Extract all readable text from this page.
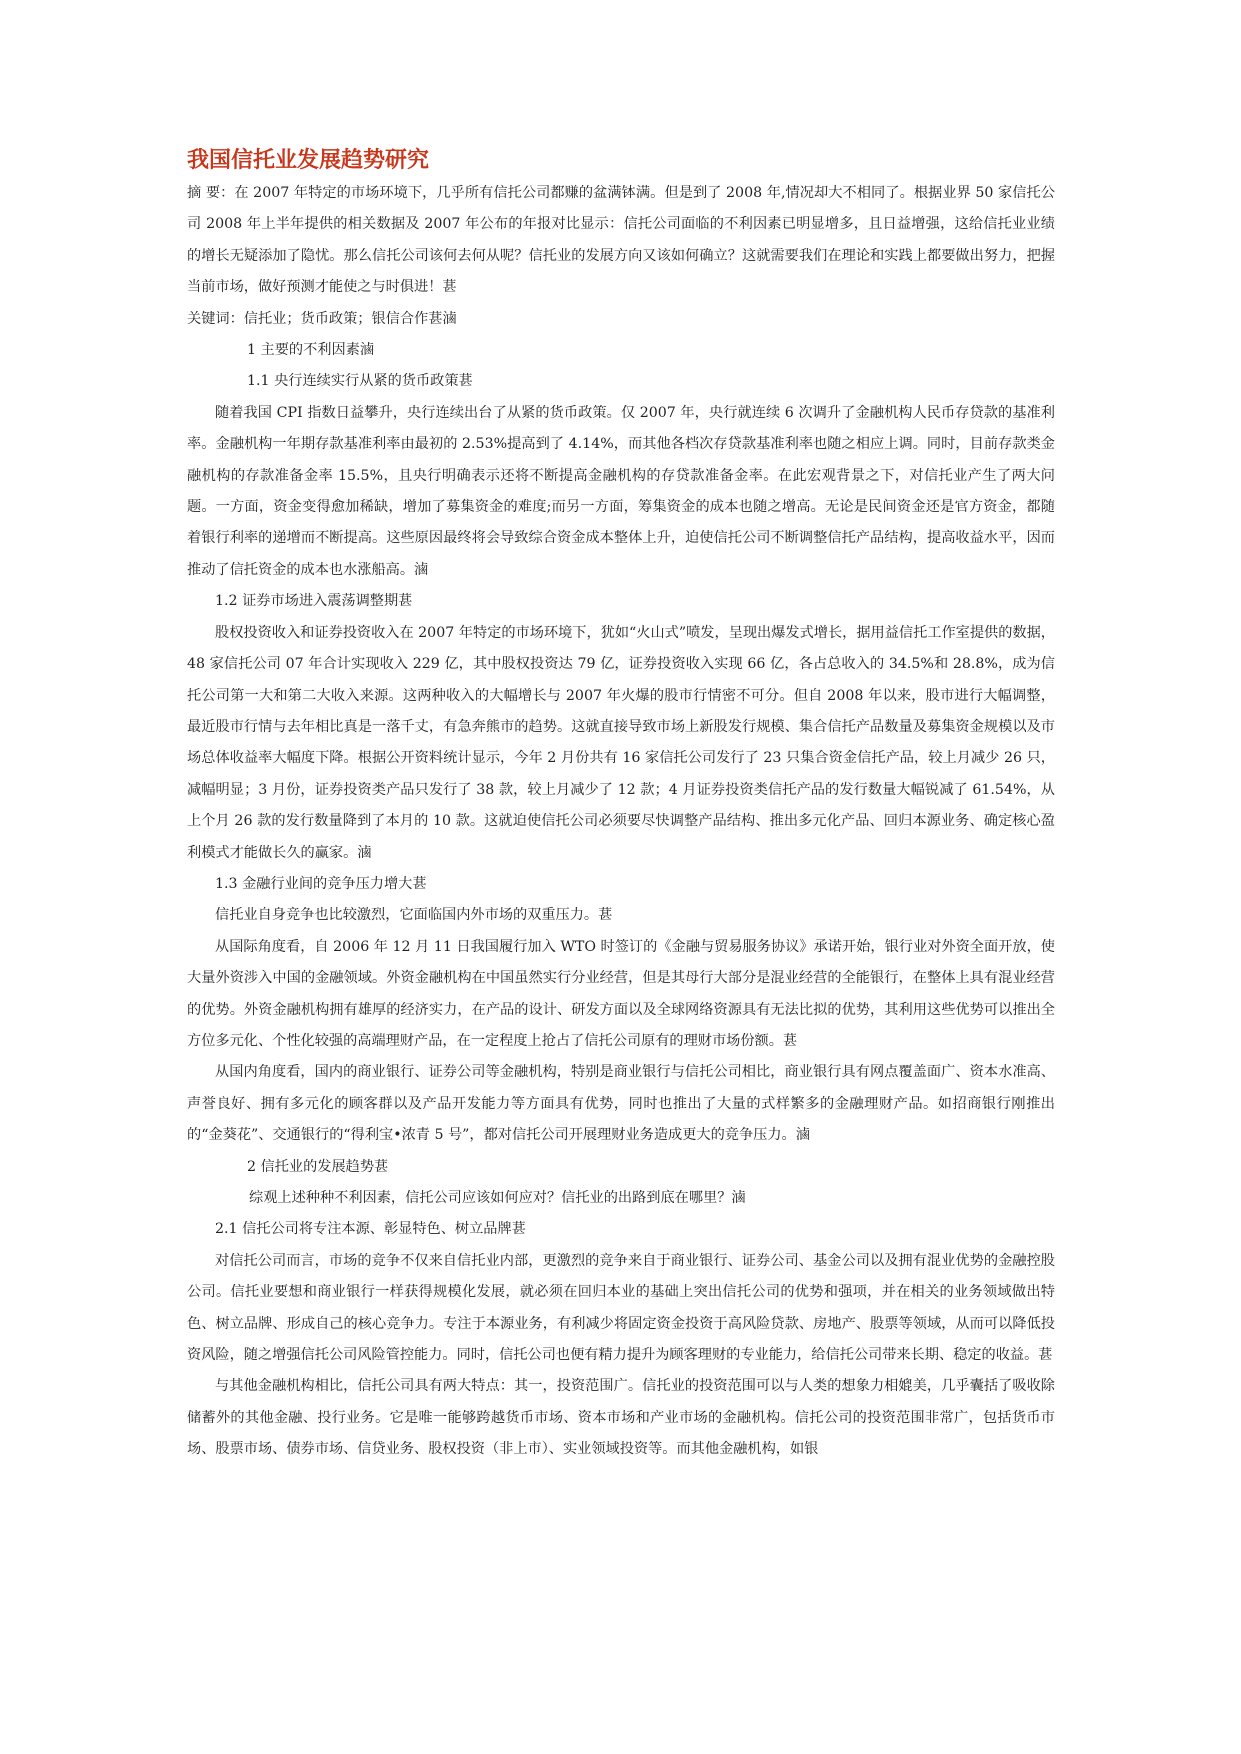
我国信托业发展趋势研究

摘 要：在 2007 年特定的市场环境下，几乎所有信托公司都赚的盆满钵满。但是到了 2008 年,情况却大不相同了。根据业界 50 家信托公司 2008 年上半年提供的相关数据及 2007 年公布的年报对比显示：信托公司面临的不利因素已明显增多，且日益增强，这给信托业业绩的增长无疑添加了隐忧。那么信托公司该何去何从呢？信托业的发展方向又该如何确立？这就需要我们在理论和实践上都要做出努力，把握当前市场，做好预测才能使之与时俱进！葚

关键词：信托业；货币政策；银信合作葚滷

1 主要的不利因素滷

1.1 央行连续实行从紧的货币政策葚

随着我国 CPI 指数日益攀升，央行连续出台了从紧的货币政策。仅 2007 年，央行就连续 6 次调升了金融机构人民币存贷款的基准利率。金融机构一年期存款基准利率由最初的 2.53%提高到了 4.14%，而其他各档次存贷款基准利率也随之相应上调。同时，目前存款类金融机构的存款准备金率 15.5%，且央行明确表示还将不断提高金融机构的存贷款准备金率。在此宏观背景之下，对信托业产生了两大问题。一方面，资金变得愈加稀缺，增加了募集资金的难度;而另一方面，筹集资金的成本也随之增高。无论是民间资金还是官方资金，都随着银行利率的递增而不断提高。这些原因最终将会导致综合资金成本整体上升，迫使信托公司不断调整信托产品结构，提高收益水平，因而推动了信托资金的成本也水涨船高。滷

1.2 证券市场进入震荡调整期葚

股权投资收入和证券投资收入在 2007 年特定的市场环境下，犹如“火山式”喷发，呈现出爆发式增长，据用益信托工作室提供的数据，48 家信托公司 07 年合计实现收入 229 亿，其中股权投资达 79 亿，证券投资收入实现 66 亿，各占总收入的 34.5%和 28.8%，成为信托公司第一大和第二大收入来源。这两种收入的大幅增长与 2007 年火爆的股市行情密不可分。但自 2008 年以来，股市进行大幅调整，最近股市行情与去年相比真是一落千丈，有急奔熊市的趋势。这就直接导致市场上新股发行规模、集合信托产品数量及募集资金规模以及市场总体收益率大幅度下降。根据公开资料统计显示，今年 2 月份共有 16 家信托公司发行了 23 只集合资金信托产品，较上月减少 26 只，减幅明显；3 月份，证券投资类产品只发行了 38 款，较上月减少了 12 款；4 月证券投资类信托产品的发行数量大幅锐减了 61.54%，从上个月 26 款的发行数量降到了本月的 10 款。这就迫使信托公司必须要尽快调整产品结构、推出多元化产品、回归本源业务、确定核心盈利模式才能做长久的赢家。滷

1.3 金融行业间的竞争压力增大葚

信托业自身竞争也比较激烈，它面临国内外市场的双重压力。葚

从国际角度看，自 2006 年 12 月 11 日我国履行加入 WTO 时签订的《金融与贸易服务协议》承诺开始，银行业对外资全面开放，使大量外资涉入中国的金融领域。外资金融机构在中国虽然实行分业经营，但是其母行大部分是混业经营的全能银行，在整体上具有混业经营的优势。外资金融机构拥有雄厚的经济实力，在产品的设计、研发方面以及全球网络资源具有无法比拟的优势，其利用这些优势可以推出全方位多元化、个性化较强的高端理财产品，在一定程度上抢占了信托公司原有的理财市场份额。葚

从国内角度看，国内的商业银行、证券公司等金融机构，特别是商业银行与信托公司相比，商业银行具有网点覆盖面广、资本水准高、声誉良好、拥有多元化的顾客群以及产品开发能力等方面具有优势，同时也推出了大量的式样繁多的金融理财产品。如招商银行刚推出的“金葵花”、交通银行的“得利宝•浓青 5 号”，都对信托公司开展理财业务造成更大的竞争压力。滷

2 信托业的发展趋势葚

综观上述种种不利因素，信托公司应该如何应对？信托业的出路到底在哪里？滷

2.1 信托公司将专注本源、彰显特色、树立品牌葚

对信托公司而言，市场的竞争不仅来自信托业内部，更激烈的竞争来自于商业银行、证券公司、基金公司以及拥有混业优势的金融控股公司。信托业要想和商业银行一样获得规模化发展，就必须在回归本业的基础上突出信托公司的优势和强项，并在相关的业务领域做出特色、树立品牌、形成自己的核心竞争力。专注于本源业务，有利减少将固定资金投资于高风险贷款、房地产、股票等领域，从而可以降低投资风险，随之增强信托公司风险管控能力。同时，信托公司也便有精力提升为顾客理财的专业能力，给信托公司带来长期、稳定的收益。葚

与其他金融机构相比，信托公司具有两大特点：其一，投资范围广。信托业的投资范围可以与人类的想象力相媲美，几乎囊括了吸收除储蓄外的其他金融、投行业务。它是唯一能够跨越货币市场、资本市场和产业市场的金融机构。信托公司的投资范围非常广，包括货币市场、股票市场、债券市场、信贷业务、股权投资（非上市）、实业领域投资等。而其他金融机构，如银
